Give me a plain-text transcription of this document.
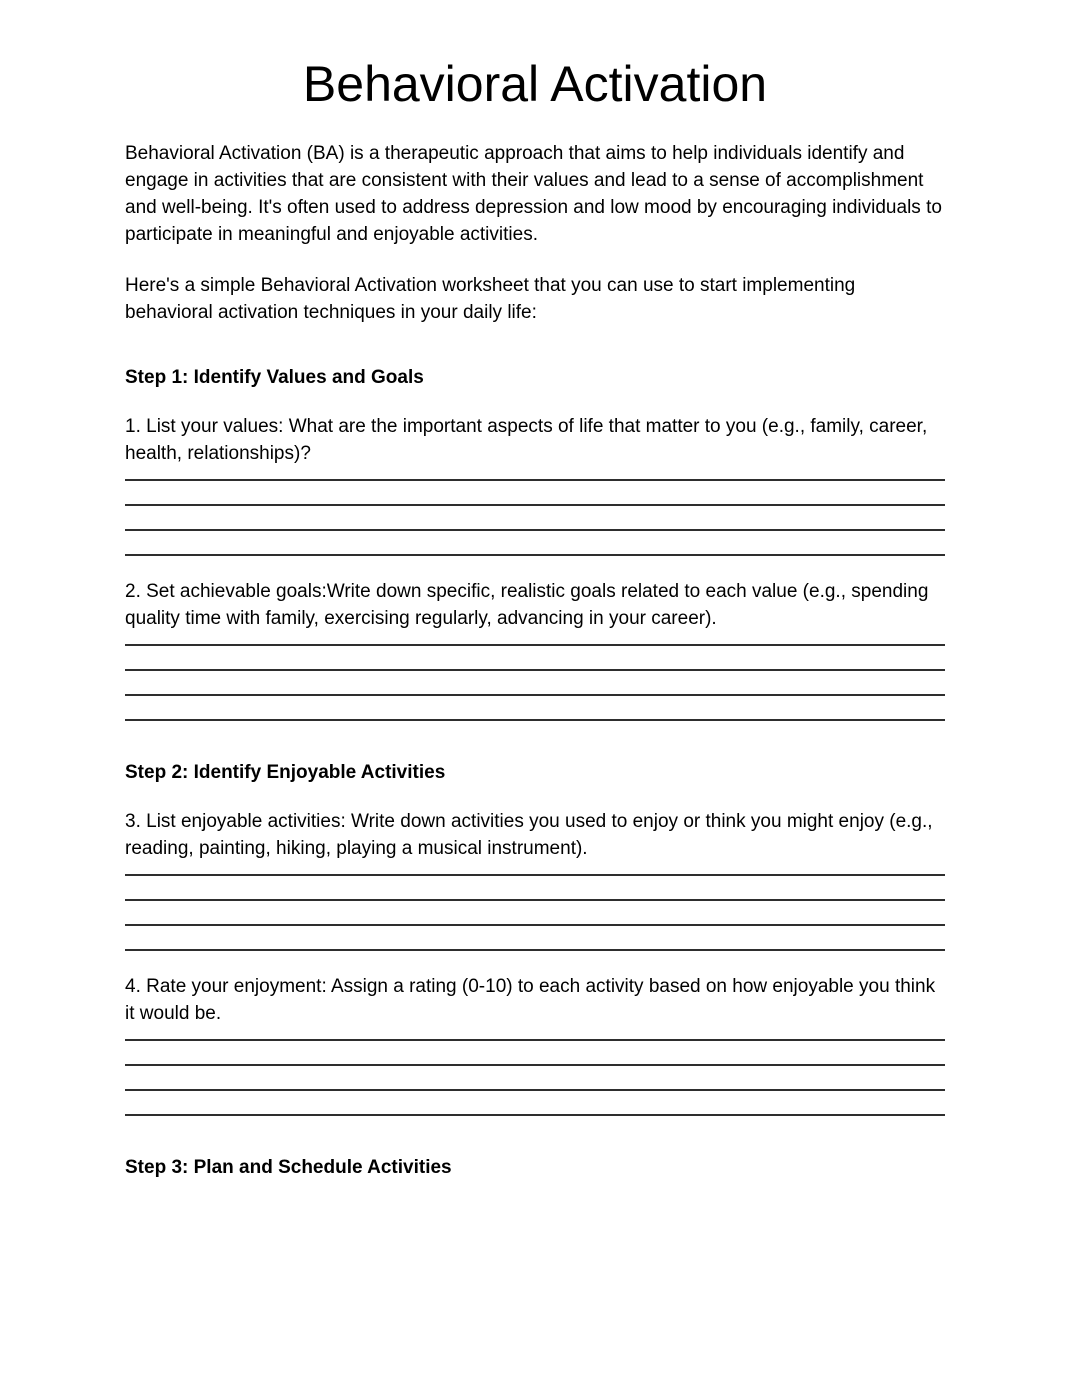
Behavioral Activation

Behavioral Activation (BA) is a therapeutic approach that aims to help individuals identify and engage in activities that are consistent with their values and lead to a sense of accomplishment and well-being. It's often used to address depression and low mood by encouraging individuals to participate in meaningful and enjoyable activities.

Here's a simple Behavioral Activation worksheet that you can use to start implementing behavioral activation techniques in your daily life:

Step 1: Identify Values and Goals

1. List your values: What are the important aspects of life that matter to you (e.g., family, career, health, relationships)?

2. Set achievable goals:Write down specific, realistic goals related to each value (e.g., spending quality time with family, exercising regularly, advancing in your career).

Step 2: Identify Enjoyable Activities

3. List enjoyable activities: Write down activities you used to enjoy or think you might enjoy (e.g., reading, painting, hiking, playing a musical instrument).

4. Rate your enjoyment: Assign a rating (0-10) to each activity based on how enjoyable you think it would be.

Step 3: Plan and Schedule Activities
